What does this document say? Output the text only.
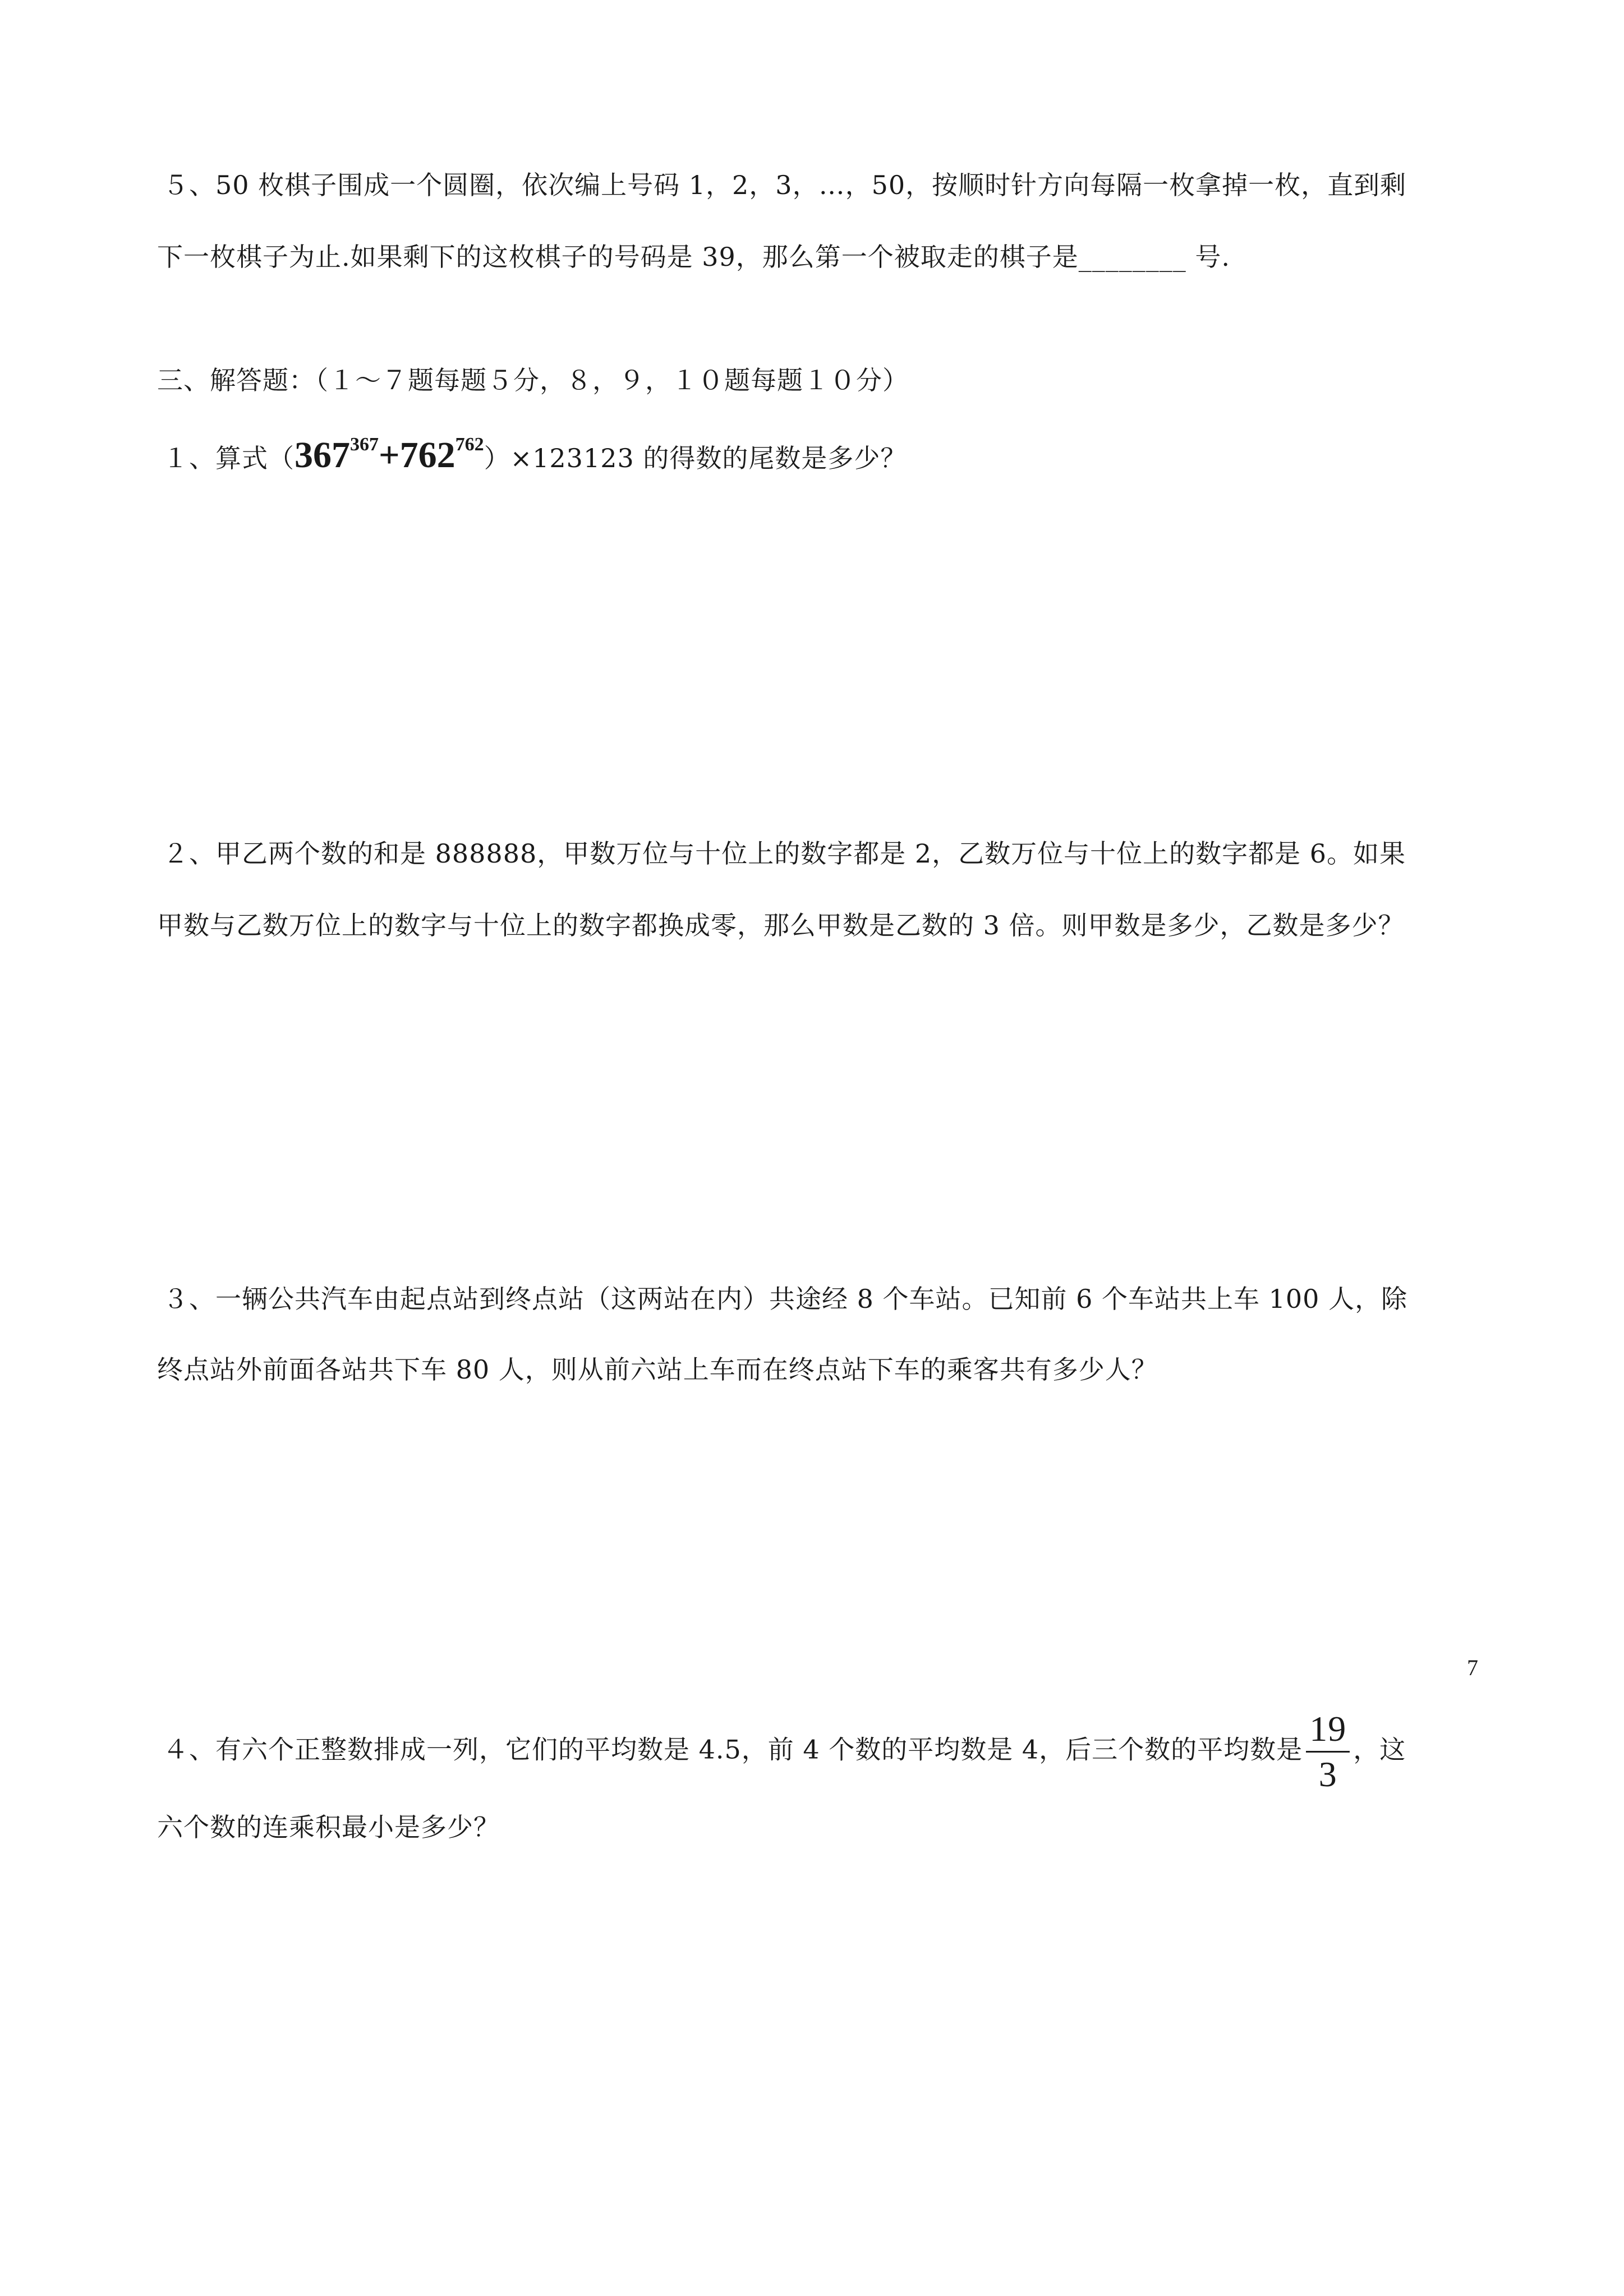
５、50 枚棋子围成一个圆圈，依次编上号码 1，2，3，…，50，按顺时针方向每隔一枚拿掉一枚，直到剩
下一枚棋子为止.如果剩下的这枚棋子的号码是 39，那么第一个被取走的棋子是________ 号.
三、解答题：（１～７题每题５分，８，９，１０题每题１０分）
１、算式$(367^{367}+762^{762})\times 123123$ 的得数的尾数是多少？
２、甲乙两个数的和是 888888，甲数万位与十位上的数字都是 2，乙数万位与十位上的数字都是 6。如果
甲数与乙数万位上的数字与十位上的数字都换成零，那么甲数是乙数的 3 倍。则甲数是多少，乙数是多少？
３、一辆公共汽车由起点站到终点站（这两站在内）共途经 8 个车站。已知前 6 个车站共上车 100 人，除
终点站外前面各站共下车 80 人，则从前六站上车而在终点站下车的乘客共有多少人？
４、有六个正整数排成一列，它们的平均数是 4.5，前 4 个数的平均数是 4，后三个数的平均数是 $\frac{19}{3}$ ，这
六个数的连乘积最小是多少？
7
